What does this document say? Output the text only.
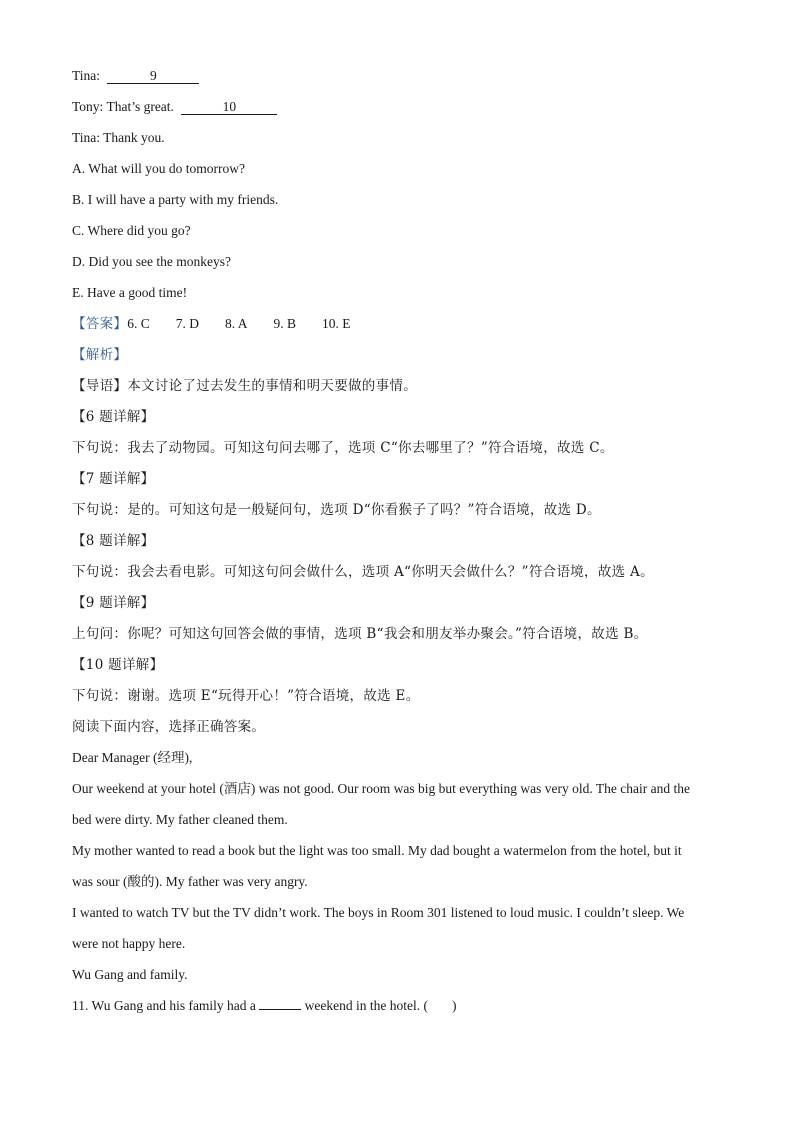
Tina:	9
Tony: That’s great.	10
Tina: Thank you.
A. What will you do tomorrow?
B. I will have a party with my friends.
C. Where did you go?
D. Did you see the monkeys?
E. Have a good time!
【答案】6. C 7. D 8. A 9. B 10. E
【解析】
【导语】本文讨论了过去发生的事情和明天要做的事情。
【6 题详解】
下句说：我去了动物园。可知这句问去哪了，选项 C“你去哪里了？”符合语境，故选 C。
【7 题详解】
下句说：是的。可知这句是一般疑问句，选项 D“你看猴子了吗？”符合语境，故选 D。
【8 题详解】
下句说：我会去看电影。可知这句问会做什么，选项 A“你明天会做什么？”符合语境，故选 A。
【9 题详解】
上句问：你呢？可知这句回答会做的事情，选项 B“我会和朋友举办聚会。”符合语境，故选 B。
【10 题详解】
下句说：谢谢。选项 E“玩得开心！”符合语境，故选 E。
阅读下面内容，选择正确答案。
Dear Manager (经理),
Our weekend at your hotel (酒店) was not good. Our room was big but everything was very old. The chair and the
bed were dirty. My father cleaned them.
My mother wanted to read a book but the light was too small. My dad bought a watermelon from the hotel, but it
was sour (酸的). My father was very angry.
I wanted to watch TV but the TV didn’t work. The boys in Room 301 listened to loud music. I couldn’t sleep. We
were not happy here.
Wu Gang and family.
11. Wu Gang and his family had a	weekend in the hotel. ( )
